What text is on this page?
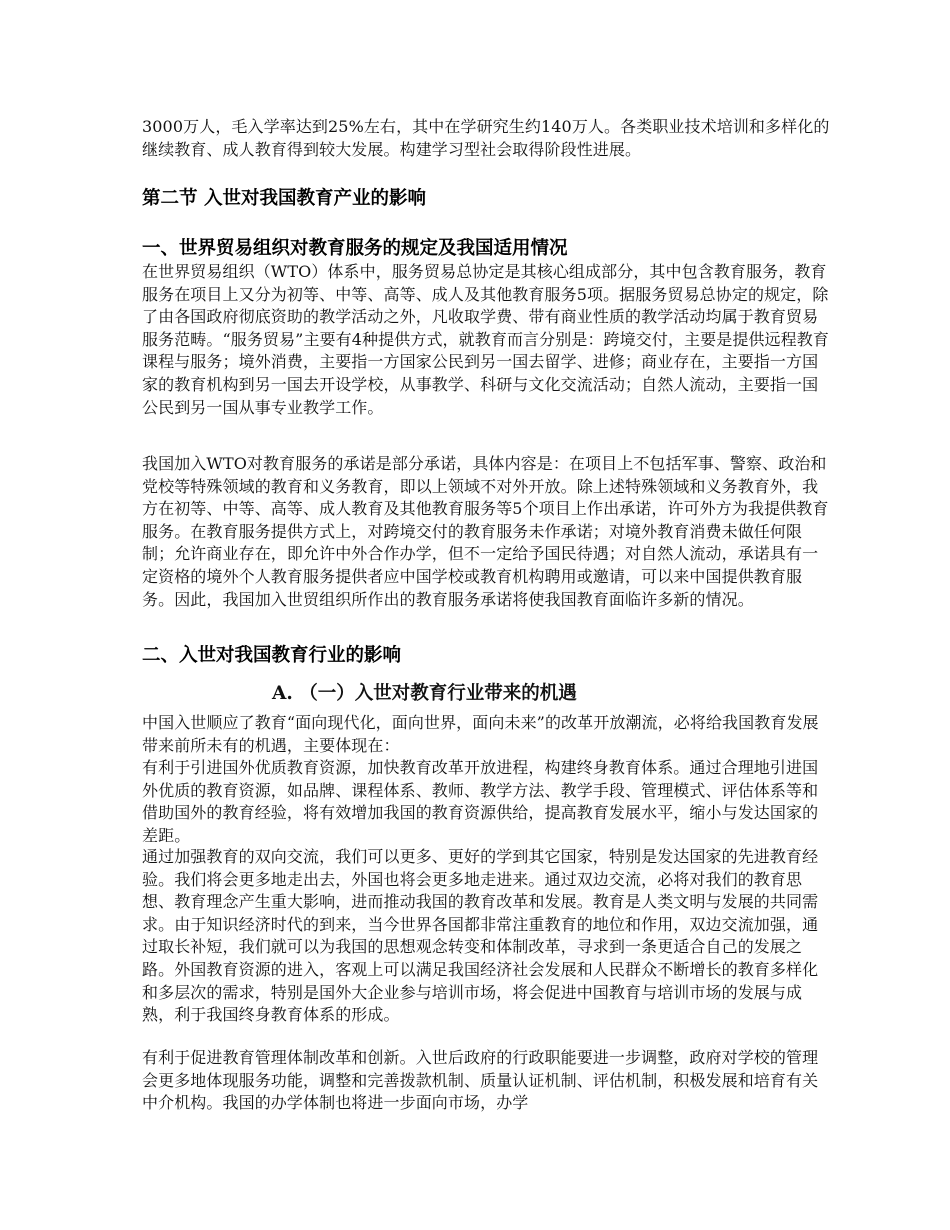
3000万人，毛入学率达到25%左右，其中在学研究生约140万人。各类职业技术培训和多样化的继续教育、成人教育得到较大发展。构建学习型社会取得阶段性进展。

第二节 入世对我国教育产业的影响
一、世界贸易组织对教育服务的规定及我国适用情况

在世界贸易组织（WTO）体系中，服务贸易总协定是其核心组成部分，其中包含教育服务，教育服务在项目上又分为初等、中等、高等、成人及其他教育服务5项。据服务贸易总协定的规定，除了由各国政府彻底资助的教学活动之外，凡收取学费、带有商业性质的教学活动均属于教育贸易服务范畴。“服务贸易”主要有4种提供方式，就教育而言分别是：跨境交付，主要是提供远程教育课程与服务；境外消费，主要指一方国家公民到另一国去留学、进修；商业存在，主要指一方国家的教育机构到另一国去开设学校，从事教学、科研与文化交流活动；自然人流动，主要指一国公民到另一国从事专业教学工作。

我国加入WTO对教育服务的承诺是部分承诺，具体内容是：在项目上不包括军事、警察、政治和党校等特殊领域的教育和义务教育，即以上领域不对外开放。除上述特殊领域和义务教育外，我方在初等、中等、高等、成人教育及其他教育服务等5个项目上作出承诺，许可外方为我提供教育服务。在教育服务提供方式上，对跨境交付的教育服务未作承诺；对境外教育消费未做任何限制；允许商业存在，即允许中外合作办学，但不一定给予国民待遇；对自然人流动，承诺具有一定资格的境外个人教育服务提供者应中国学校或教育机构聘用或邀请，可以来中国提供教育服务。因此，我国加入世贸组织所作出的教育服务承诺将使我国教育面临许多新的情况。

二、入世对我国教育行业的影响
A. （一）入世对教育行业带来的机遇

中国入世顺应了教育“面向现代化，面向世界，面向未来”的改革开放潮流，必将给我国教育发展带来前所未有的机遇，主要体现在：

有利于引进国外优质教育资源，加快教育改革开放进程，构建终身教育体系。通过合理地引进国外优质的教育资源，如品牌、课程体系、教师、教学方法、教学手段、管理模式、评估体系等和借助国外的教育经验，将有效增加我国的教育资源供给，提高教育发展水平，缩小与发达国家的差距。

通过加强教育的双向交流，我们可以更多、更好的学到其它国家，特别是发达国家的先进教育经验。我们将会更多地走出去，外国也将会更多地走进来。通过双边交流，必将对我们的教育思想、教育理念产生重大影响，进而推动我国的教育改革和发展。教育是人类文明与发展的共同需求。由于知识经济时代的到来，当今世界各国都非常注重教育的地位和作用，双边交流加强，通过取长补短，我们就可以为我国的思想观念转变和体制改革，寻求到一条更适合自己的发展之路。外国教育资源的进入，客观上可以满足我国经济社会发展和人民群众不断增长的教育多样化和多层次的需求，特别是国外大企业参与培训市场，将会促进中国教育与培训市场的发展与成熟，利于我国终身教育体系的形成。

有利于促进教育管理体制改革和创新。入世后政府的行政职能要进一步调整，政府对学校的管理会更多地体现服务功能，调整和完善拨款机制、质量认证机制、评估机制，积极发展和培育有关中介机构。我国的办学体制也将进一步面向市场，办学
